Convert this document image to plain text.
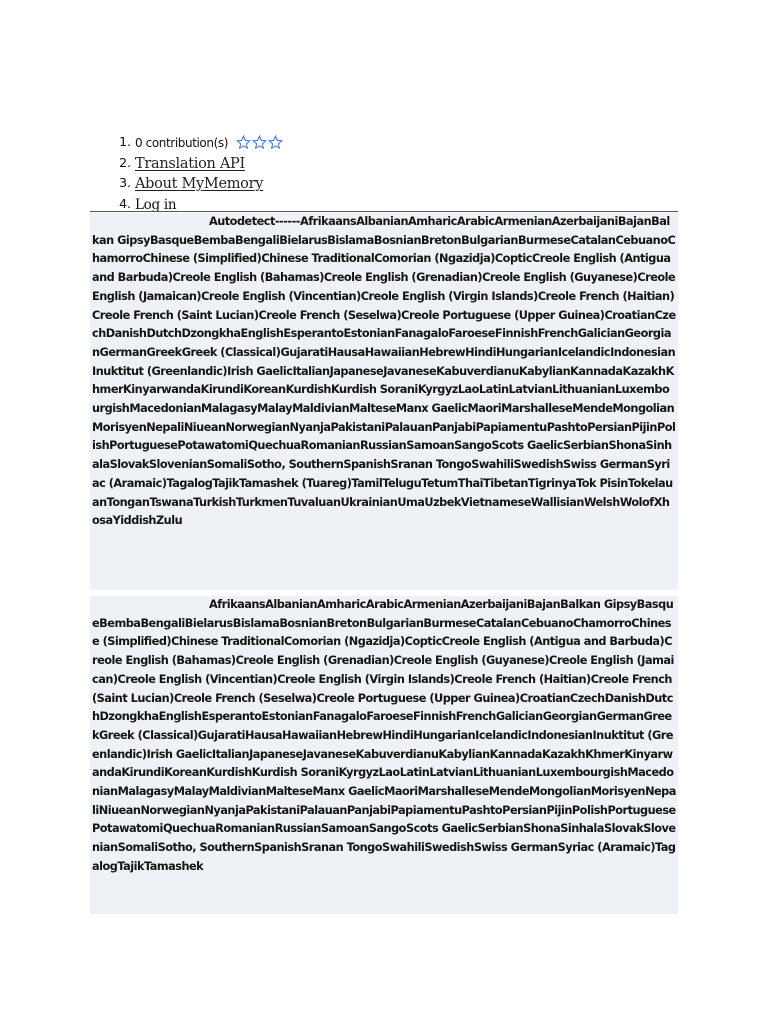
1 . 0 contribution(s)
2 . Translation API
3 . About MyMemory
4 . Log in
Autodetect------AfrikaansAlbanianAmharicArabicArmenianAzerbaijaniBajanBalkan GipsyBasqueBembaBengaliBielarusBislamaBosnianBretonBulgarianBurmeseCatalanCebuanoChamorroChinese (Simplified)Chinese TraditionalComorian (Ngazidja)CopticCreole English (Antigua and Barbuda)Creole English (Bahamas)Creole English (Grenadian)Creole English (Guyanese)Creole English (Jamaican)Creole English (Vincentian)Creole English (Virgin Islands)Creole French (Haitian)Creole French (Saint Lucian)Creole French (Seselwa)Creole Portuguese (Upper Guinea)CroatianCzechDanishDutchDzongkhaEnglishEsperantoEstonianFanagaloFaroeseFinnishFrenchGalicianGeorgianGermanGreekGreek (Classical)GujaratiHausaHawaiianHebrewHindiHungarianIcelandicIndonesianInuktitut (Greenlandic)Irish GaelicItalianJapaneseJavaneseKabuverdianuKabylianKannadaKazakhKhmerKinyarwandaKirundiKoreanKurdishKurdish SoraniKyrgyzLaoLatinLatvianLithuanianLuxembourgishMacedonianMalagasyMalayMaldivianMalteseManx GaelicMaoriMarshalleseMendeMongolianMorisyenNepaliNiueanNorwegianNyanjaPakistaniPalauanPanjabiPapiamentuPashtoPersianPijinPolishPortuguesePotawatomiQuechuaRomanianRussianSamoanSangoScots GaelicSerbianShonaSinhalaSlovakSlovenianSomaliSotho, SouthernSpanishSranan TongoSwahiliSwedishSwiss GermanSyriac (Aramaic)TagalogTajikTamashek (Tuareg)TamilTeluguTetumThaiTibetanTigrinyaTok PisinTokelauanTonganTswanaTurkishTurkmenTuvaluanUkrainianUmaUzbekVietnameseWallisianWelshWolofXhosaYiddishZulu
AfrikaansAlbanianAmharicArabicArmenianAzerbaijaniBajanBalkan GipsyBasqueBembaBengaliBielarusBislamaBosnianBretonBulgarianBurmeseCatalanCebuanoChamorroChinese (Simplified)Chinese TraditionalComorian (Ngazidja)CopticCreole English (Antigua and Barbuda)Creole English (Bahamas)Creole English (Grenadian)Creole English (Guyanese)Creole English (Jamaican)Creole English (Vincentian)Creole English (Virgin Islands)Creole French (Haitian)Creole French (Saint Lucian)Creole French (Seselwa)Creole Portuguese (Upper Guinea)CroatianCzechDanishDutchDzongkhaEnglishEsperantoEstonianFanagaloFaroeseFinnishFrenchGalicianGeorgianGermanGreekGreek (Classical)GujaratiHausaHawaiianHebrewHindiHungarianIcelandicIndonesianInuktitut (Greenlandic)Irish GaelicItalianJapaneseJavaneseKabuverdianuKabylianKannadaKazakhKhmerKinyarwandaKirundiKoreanKurdishKurdish SoraniKyrgyzLaoLatinLatvianLithuanianLuxembourgishMacedonianMalagasyMalayMaldivianMalteseManx GaelicMaoriMarshalleseMendeMongolianMorisyenNepaliNiueanNorwegianNyanjaPakistaniPalauanPanjabiPapiamentuPashtoPersianPijinPolishPortuguesePotawatomiQuechuaRomanianRussianSamoanSangoScots GaelicSerbianShonaSinhalaSlovakSlovenianSomaliSotho, SouthernSpanishSranan TongoSwahiliSwedishSwiss GermanSyriac (Aramaic)TagalogTajikTamashek
